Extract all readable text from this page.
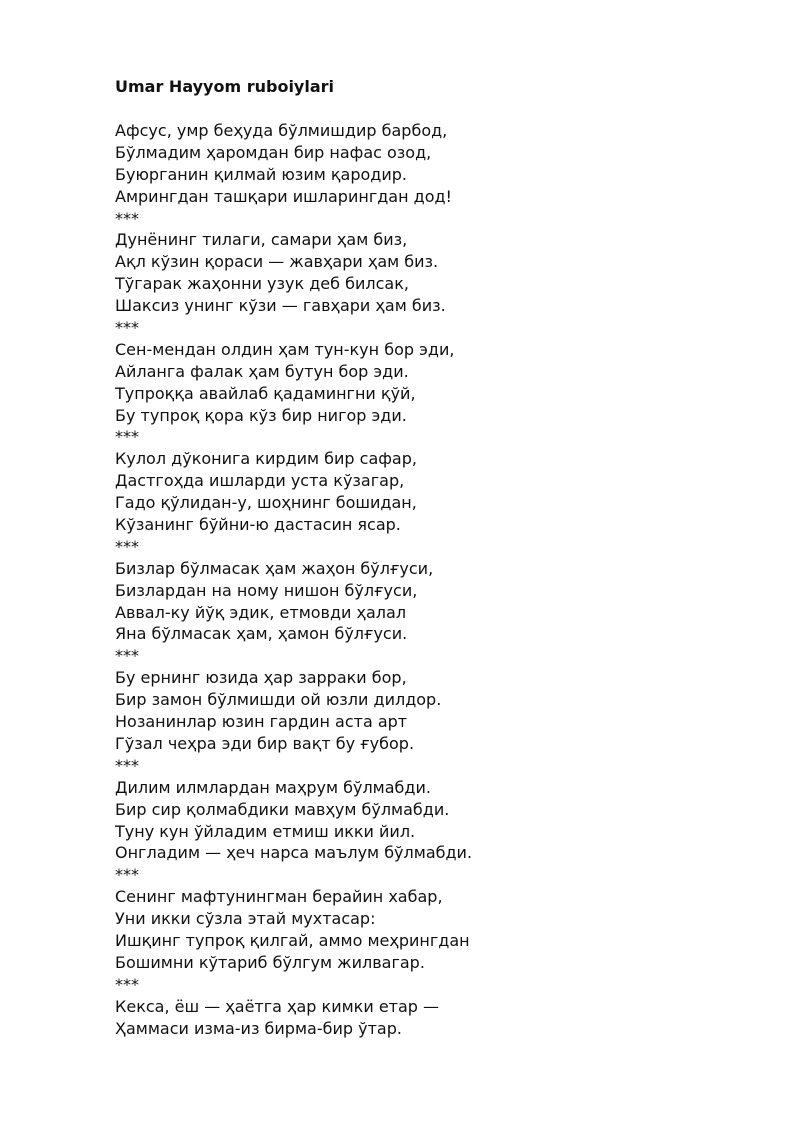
Umar Hayyom ruboiylari
Афсус, умр беҳуда бўлмишдир барбод,
Бўлмадим ҳаромдан бир нафас озод,
Буюрганин қилмай юзим қародир.
Амрингдан ташқари ишларингдан дод!
***
Дунёнинг тилаги, самари ҳам биз,
Ақл кўзин қораси — жавҳари ҳам биз.
Тўгарак жаҳонни узук деб билсак,
Шаксиз унинг кўзи — гавҳари ҳам биз.
***
Сен-мендан олдин ҳам тун-кун бор эди,
Айланга фалак ҳам бутун бор эди.
Тупроққа авайлаб қадамингни қўй,
Бу тупроқ қора кўз бир нигор эди.
***
Кулол дўконига кирдим бир сафар,
Дастгоҳда ишларди уста кўзагар,
Гадо қўлидан-у, шоҳнинг бошидан,
Кўзанинг бўйни-ю дастасин ясар.
***
Бизлар бўлмасак ҳам жаҳон бўлғуси,
Бизлардан на ному нишон бўлғуси,
Аввал-ку йўқ эдик, етмовди ҳалал
Яна бўлмасак ҳам, ҳамон бўлғуси.
***
Бу ернинг юзида ҳар зарраки бор,
Бир замон бўлмишди ой юзли дилдор.
Нозанинлар юзин гардин аста арт
Гўзал чеҳра эди бир вақт бу ғубор.
***
Дилим илмлардан маҳрум бўлмабди.
Бир сир қолмабдики мавҳум бўлмабди.
Туну кун ўйладим етмиш икки йил.
Онгладим — ҳеч нарса маълум бўлмабди.
***
Сенинг мафтунингман берайин хабар,
Уни икки сўзла этай мухтасар:
Ишқинг тупроқ қилгай, аммо меҳрингдан
Бошимни кўтариб бўлгум жилвагар.
***
Кекса, ёш — ҳаётга ҳар кимки етар —
Ҳаммаси изма-из бирма-бир ўтар.
